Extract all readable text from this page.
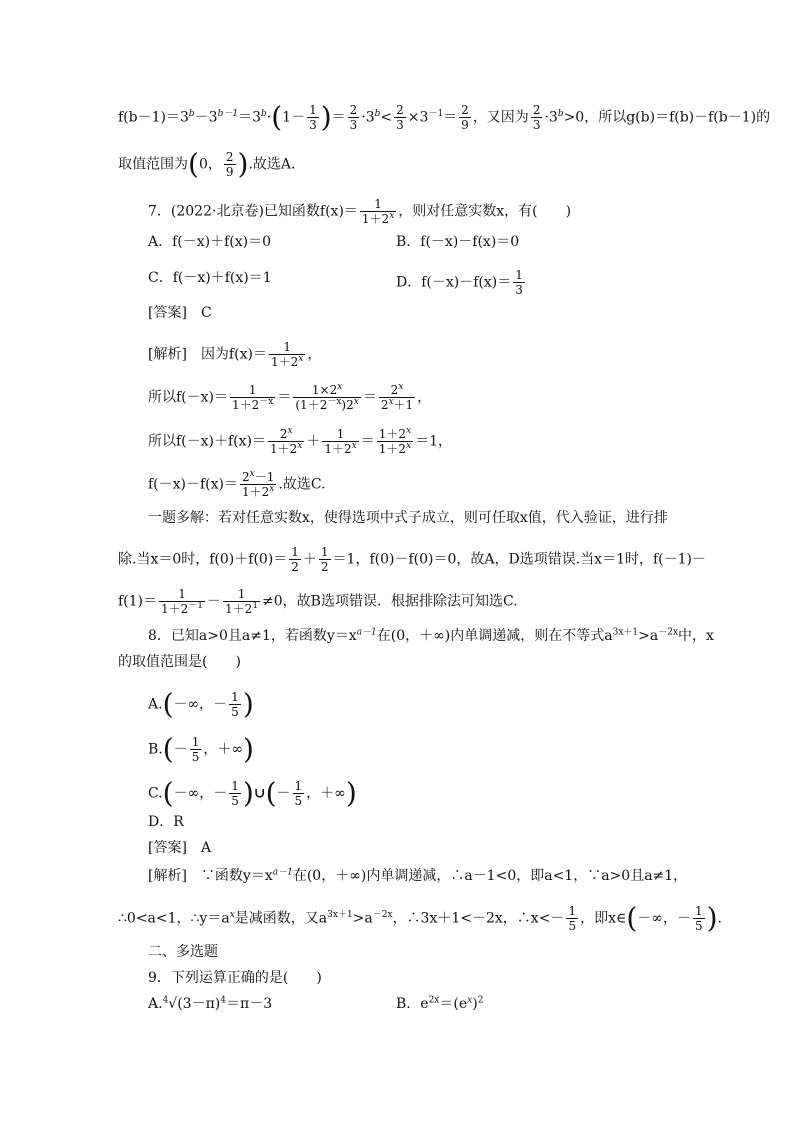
$f(b-1)=3^b-3^{b-1}=3^b\cdot(1- \frac{1}{3}$ )＝ $\frac{2}{3} \cdot 3^b< \frac{2}{3} \times 3^{-1}= \frac{2}{9}$ ，又因为 $\frac{2}{3} \cdot 3^b>0$，所以g(b)＝f(b)－f(b－1)的
取值范围为(0， $\frac{2}{9}$ ).故选A.
7．(2022·北京卷)已知函数$f(x)= \frac{1}{1+2^x}$ ，则对任意实数x，有(　　)
A．f(－x)＋f(x)＝0	B．f(－x)－f(x)＝0
C．f(－x)＋f(x)＝1	D．$f(-x)-f(x)= \frac{1}{3}$
[答案]　 C
[解析]　 因为$f(x)= \frac{1}{1+2^x}$ ，
所以$f(-x)= \frac{1}{1+2^{-x}} = \frac{1\times 2^x}{(1+2^{-x})2^x} = \frac{2^x}{2^x+1}$ ，
所以$f(-x)+f(x)= \frac{2^x}{1+2^x} + \frac{1}{1+2^x} = \frac{1+2^x}{1+2^x} =1$，
$f(-x)-f(x)= \frac{2^x-1}{1+2^x}$ .故选C.
一题多解：若对任意实数x，使得选项中式子成立，则可任取x值，代入验证，进行排
除.当x＝0时，$f(0)+f(0)= \frac{1}{2} + \frac{1}{2} =1$，f(0)－f(0)＝0，故A，D选项错误.当x＝1时，f(－1)－
$f(1)= \frac{1}{1+2^{-1}} - \frac{1}{1+2^1} \ne 0$，故B选项错误．根据排除法可知选C.
8．已知a>0且a≠1，若函数$y=x^{a-1}$在(0，＋∞)内单调递减，则在不等式$a^{3x+1}>a^{-2x}$中，x
的取值范围是(　　)
A.(－∞，－ $\frac{1}{5}$ )
$B.(- \frac{1}{5}$ ，＋∞)
C.(－∞，－ $\frac{1}{5}$ )∪(－ $\frac{1}{5}$ ，＋∞)
D．R
[答案]　 A
[解析]　 ∵函数$y=x^{a-1}$在(0，＋∞)内单调递减，∴a－1<0，即a<1，∵a>0且a≠1，
∴0<a<1，$\therefore y=a^x$是减函数，又$a^{3x+1}>a^{-2x}$，∴3x＋1<－2x，∴x<－ $\frac{1}{5}$ ，即x∈(－∞，－ $\frac{1}{5}$ ).
二、多选题
9．下列运算正确的是(　　)
$A.^4√(3-\pi)^4=\pi-3$	B．$e^{2x}=(e^x)^2$
